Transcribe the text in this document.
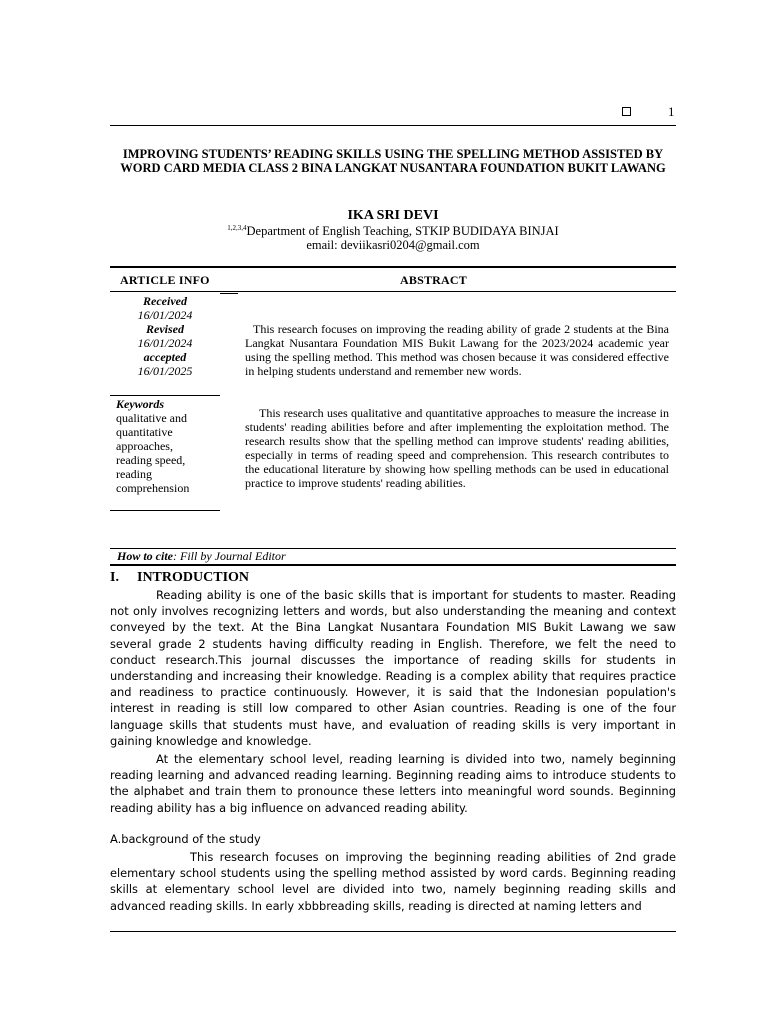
1
IMPROVING STUDENTS’ READING SKILLS USING THE SPELLING METHOD ASSISTED BY WORD CARD MEDIA CLASS 2 BINA LANGKAT NUSANTARA FOUNDATION BUKIT LAWANG
IKA SRI DEVI
$^{1,2,3,4}$Department of English Teaching, STKIP BUDIDAYA BINJAI
email: deviikasri0204@gmail.com
ARTICLE INFO	ABSTRACT
Received
16/01/2024
Revised
16/01/2024
accepted
16/01/2025
Keywords
qualitative and quantitative approaches, reading speed, reading comprehension
This research focuses on improving the reading ability of grade 2 students at the Bina Langkat Nusantara Foundation MIS Bukit Lawang for the 2023/2024 academic year using the spelling method. This method was chosen because it was considered effective in helping students understand and remember new words.
This research uses qualitative and quantitative approaches to measure the increase in students' reading abilities before and after implementing the exploitation method. The research results show that the spelling method can improve students' reading abilities, especially in terms of reading speed and comprehension. This research contributes to the educational literature by showing how spelling methods can be used in educational practice to improve students' reading abilities.
How to cite: Fill by Journal Editor
I. INTRODUCTION
Reading ability is one of the basic skills that is important for students to master. Reading not only involves recognizing letters and words, but also understanding the meaning and context conveyed by the text. At the Bina Langkat Nusantara Foundation MIS Bukit Lawang we saw several grade 2 students having difficulty reading in English. Therefore, we felt the need to conduct research.This journal discusses the importance of reading skills for students in understanding and increasing their knowledge. Reading is a complex ability that requires practice and readiness to practice continuously. However, it is said that the Indonesian population's interest in reading is still low compared to other Asian countries. Reading is one of the four language skills that students must have, and evaluation of reading skills is very important in gaining knowledge and knowledge.
At the elementary school level, reading learning is divided into two, namely beginning reading learning and advanced reading learning. Beginning reading aims to introduce students to the alphabet and train them to pronounce these letters into meaningful word sounds. Beginning reading ability has a big influence on advanced reading ability.
A.background of the study
This research focuses on improving the beginning reading abilities of 2nd grade elementary school students using the spelling method assisted by word cards. Beginning reading skills at elementary school level are divided into two, namely beginning reading skills and advanced reading skills. In early xbbbreading skills, reading is directed at naming letters and
